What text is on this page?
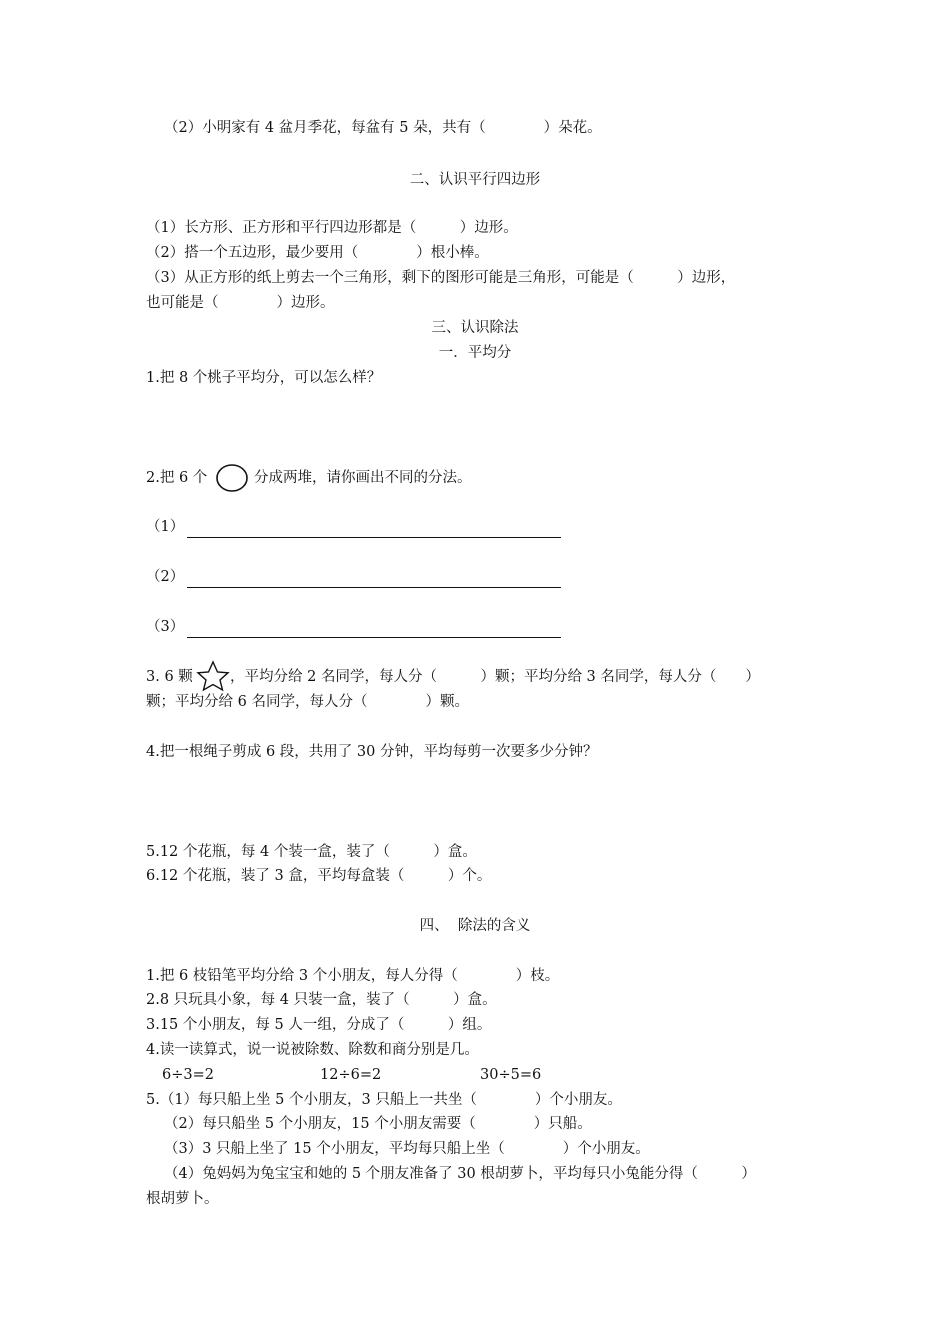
（2）小明家有 4 盆月季花，每盆有 5 朵，共有（　　　　）朵花。
二、认识平行四边形
（1）长方形、正方形和平行四边形都是（　　　）边形。
（2）搭一个五边形，最少要用（　　　　）根小棒。
（3）从正方形的纸上剪去一个三角形，剩下的图形可能是三角形，可能是（　　　）边形，
也可能是（　　　　）边形。
三、认识除法
一．平均分
1.把 8 个桃子平均分，可以怎么样？
2.把 6 个	分成两堆，请你画出不同的分法。
（1）
（2）
（3）
3. 6 颗	，平均分给 2 名同学，每人分（　　　）颗；平均分给 3 名同学，每人分（　　）
颗；平均分给 6 名同学，每人分（　　　　）颗。
4.把一根绳子剪成 6 段，共用了 30 分钟，平均每剪一次要多少分钟？
5.12 个花瓶，每 4 个装一盒，装了（　　　）盒。
6.12 个花瓶，装了 3 盒，平均每盒装（　　　）个。
四、  除法的含义
1.把 6 枝铅笔平均分给 3 个小朋友，每人分得（　　　　）枝。
2.8 只玩具小象，每 4 只装一盒，装了（　　　）盒。
3.15 个小朋友，每 5 人一组，分成了（　　　）组。
4.读一读算式，说一说被除数、除数和商分别是几。
6÷3=2	12÷6=2	30÷5=6
5.（1）每只船上坐 5 个小朋友，3 只船上一共坐（　　　　）个小朋友。
（2）每只船坐 5 个小朋友，15 个小朋友需要（　　　　）只船。
（3）3 只船上坐了 15 个小朋友，平均每只船上坐（　　　　）个小朋友。
（4）兔妈妈为兔宝宝和她的 5 个朋友准备了 30 根胡萝卜，平均每只小兔能分得（　　　）
根胡萝卜。
